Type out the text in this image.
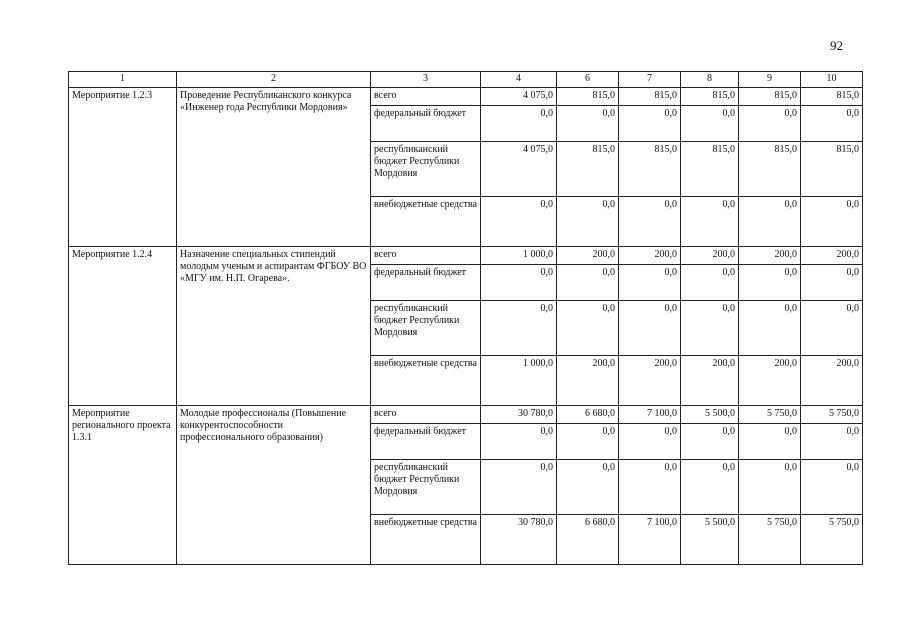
92
1	2	3	4	6	7	8	9	10
Мероприятие 1.2.3	Проведение Республиканского конкурса «Инженер года Республики Мордовия»	всего	4 075,0	815,0	815,0	815,0	815,0	815,0
		федеральный бюджет	0,0	0,0	0,0	0,0	0,0	0,0
		республиканский бюджет Республики Мордовия	4 075,0	815,0	815,0	815,0	815,0	815,0
		внебюджетные средства	0,0	0,0	0,0	0,0	0,0	0,0
Мероприятие 1.2.4	Назначение специальных стипендий молодым ученым и аспирантам ФГБОУ ВО «МГУ им. Н.П. Огарева».	всего	1 000,0	200,0	200,0	200,0	200,0	200,0
		федеральный бюджет	0,0	0,0	0,0	0,0	0,0	0,0
		республиканский бюджет Республики Мордовия	0,0	0,0	0,0	0,0	0,0	0,0
		внебюджетные средства	1 000,0	200,0	200,0	200,0	200,0	200,0
Мероприятие регионального проекта 1.3.1	Молодые профессионалы (Повышение конкурентоспособности профессионального образования)	всего	30 780,0	6 680,0	7 100,0	5 500,0	5 750,0	5 750,0
		федеральный бюджет	0,0	0,0	0,0	0,0	0,0	0,0
		республиканский бюджет Республики Мордовия	0,0	0,0	0,0	0,0	0,0	0,0
		внебюджетные средства	30 780,0	6 680,0	7 100,0	5 500,0	5 750,0	5 750,0
